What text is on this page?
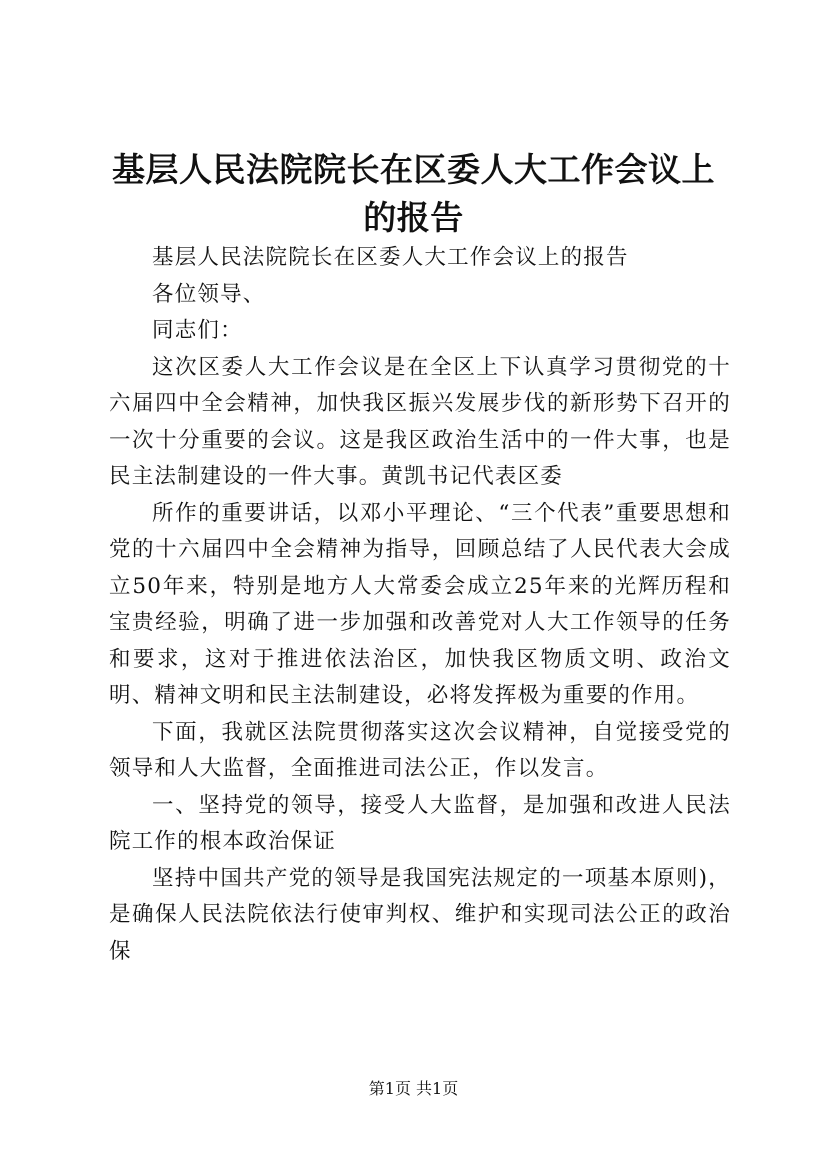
基层人民法院院长在区委人大工作会议上的报告

基层人民法院院长在区委人大工作会议上的报告

各位领导、

同志们：

这次区委人大工作会议是在全区上下认真学习贯彻党的十六届四中全会精神，加快我区振兴发展步伐的新形势下召开的一次十分重要的会议。这是我区政治生活中的一件大事，也是民主法制建设的一件大事。黄凯书记代表区委

所作的重要讲话，以邓小平理论、“三个代表”重要思想和党的十六届四中全会精神为指导，回顾总结了人民代表大会成立50年来，特别是地方人大常委会成立25年来的光辉历程和宝贵经验，明确了进一步加强和改善党对人大工作领导的任务和要求，这对于推进依法治区，加快我区物质文明、政治文明、精神文明和民主法制建设，必将发挥极为重要的作用。

下面，我就区法院贯彻落实这次会议精神，自觉接受党的领导和人大监督，全面推进司法公正，作以发言。

一、坚持党的领导，接受人大监督，是加强和改进人民法院工作的根本政治保证

坚持中国共产党的领导是我国宪法规定的一项基本原则)，是确保人民法院依法行使审判权、维护和实现司法公正的政治保

第1页 共1页
